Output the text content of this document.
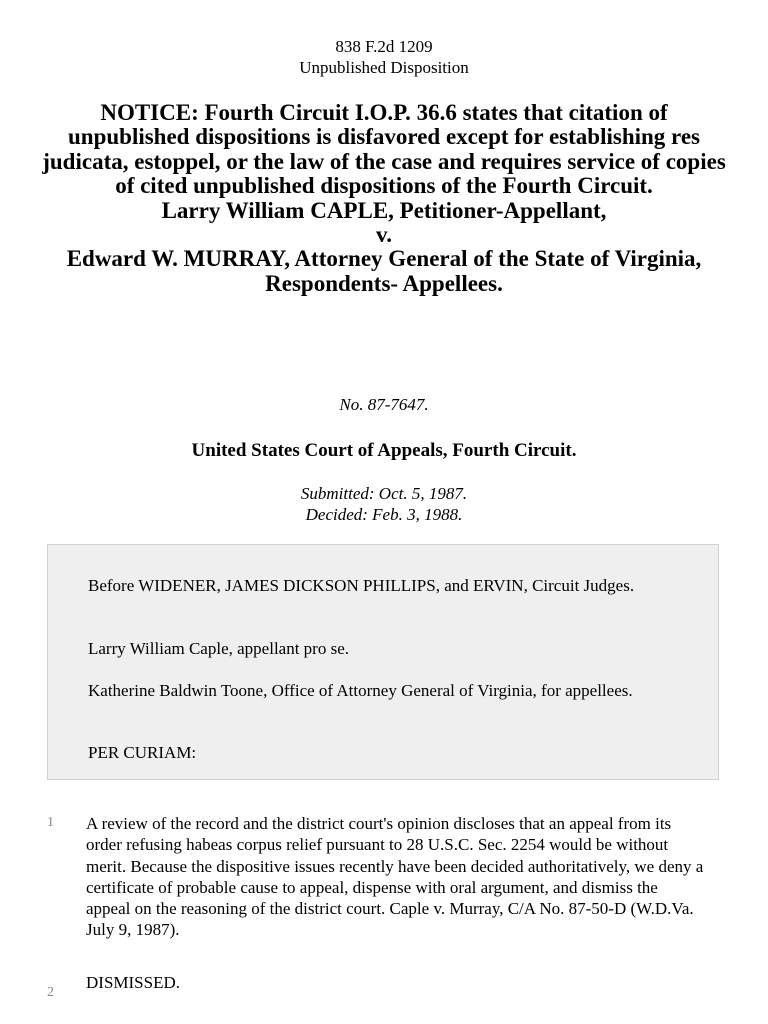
838 F.2d 1209
Unpublished Disposition
NOTICE: Fourth Circuit I.O.P. 36.6 states that citation of unpublished dispositions is disfavored except for establishing res judicata, estoppel, or the law of the case and requires service of copies of cited unpublished dispositions of the Fourth Circuit.
Larry William CAPLE, Petitioner-Appellant,
v.
Edward W. MURRAY, Attorney General of the State of Virginia,
Respondents- Appellees.
No. 87-7647.
United States Court of Appeals, Fourth Circuit.
Submitted: Oct. 5, 1987.
Decided: Feb. 3, 1988.

Before WIDENER, JAMES DICKSON PHILLIPS, and ERVIN, Circuit Judges.

Larry William Caple, appellant pro se.

Katherine Baldwin Toone, Office of Attorney General of Virginia, for appellees.

PER CURIAM:

1 A review of the record and the district court's opinion discloses that an appeal from its order refusing habeas corpus relief pursuant to 28 U.S.C. Sec. 2254 would be without merit. Because the dispositive issues recently have been decided authoritatively, we deny a certificate of probable cause to appeal, dispense with oral argument, and dismiss the appeal on the reasoning of the district court. Caple v. Murray, C/A No. 87-50-D (W.D.Va. July 9, 1987).
2
DISMISSED.
